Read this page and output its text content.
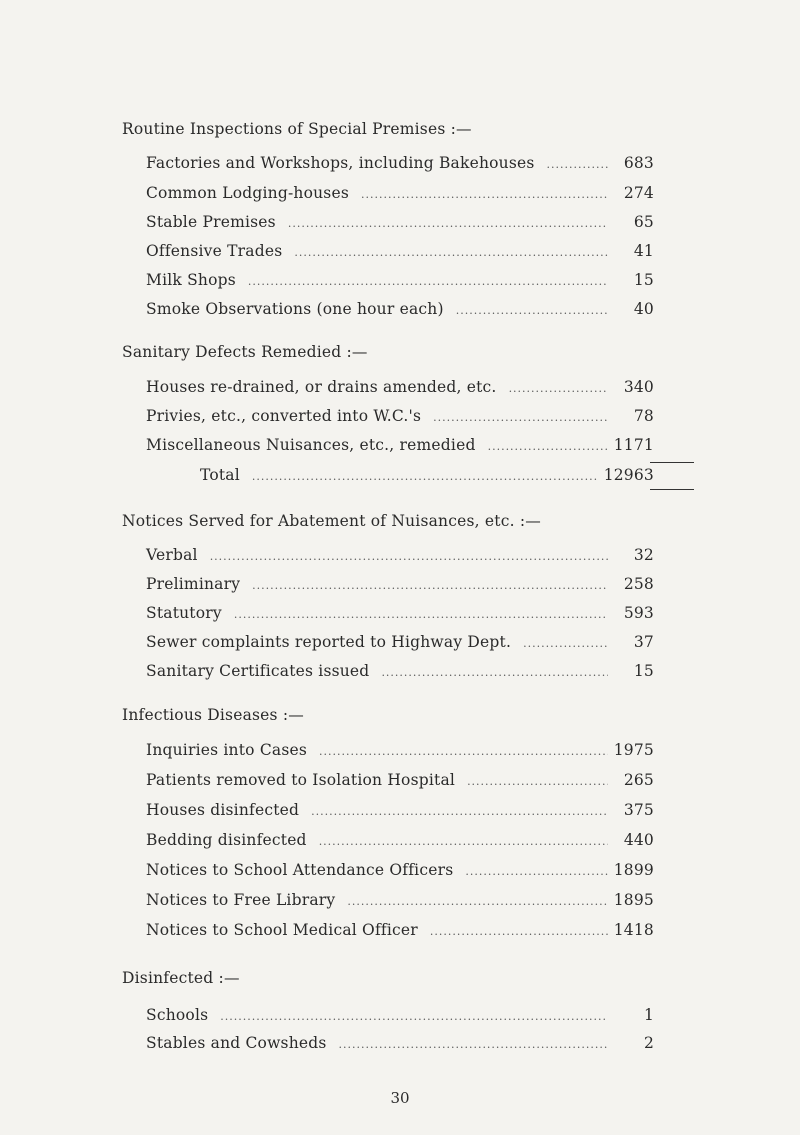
Routine Inspections of Special Premises :—
Factories and Workshops, including Bakehouses .....	683
Common Lodging-houses .....	274
Stable Premises .....	65
Offensive Trades .....	41
Milk Shops .....	15
Smoke Observations (one hour each) .....	40
Sanitary Defects Remedied :—
Houses re-drained, or drains amended, etc. .....	340
Privies, etc., converted into W.C.'s .....	78
Miscellaneous Nuisances, etc., remedied .....	1171
Total .....	12963
Notices Served for Abatement of Nuisances, etc. :—
Verbal .....	32
Preliminary .....	258
Statutory .....	593
Sewer complaints reported to Highway Dept. .....	37
Sanitary Certificates issued .....	15
Infectious Diseases :—
Inquiries into Cases .....	1975
Patients removed to Isolation Hospital .....	265
Houses disinfected .....	375
Bedding disinfected .....	440
Notices to School Attendance Officers .....	1899
Notices to Free Library .....	1895
Notices to School Medical Officer .....	1418
Disinfected :—
Schools .....	1
Stables and Cowsheds .....	2
30
